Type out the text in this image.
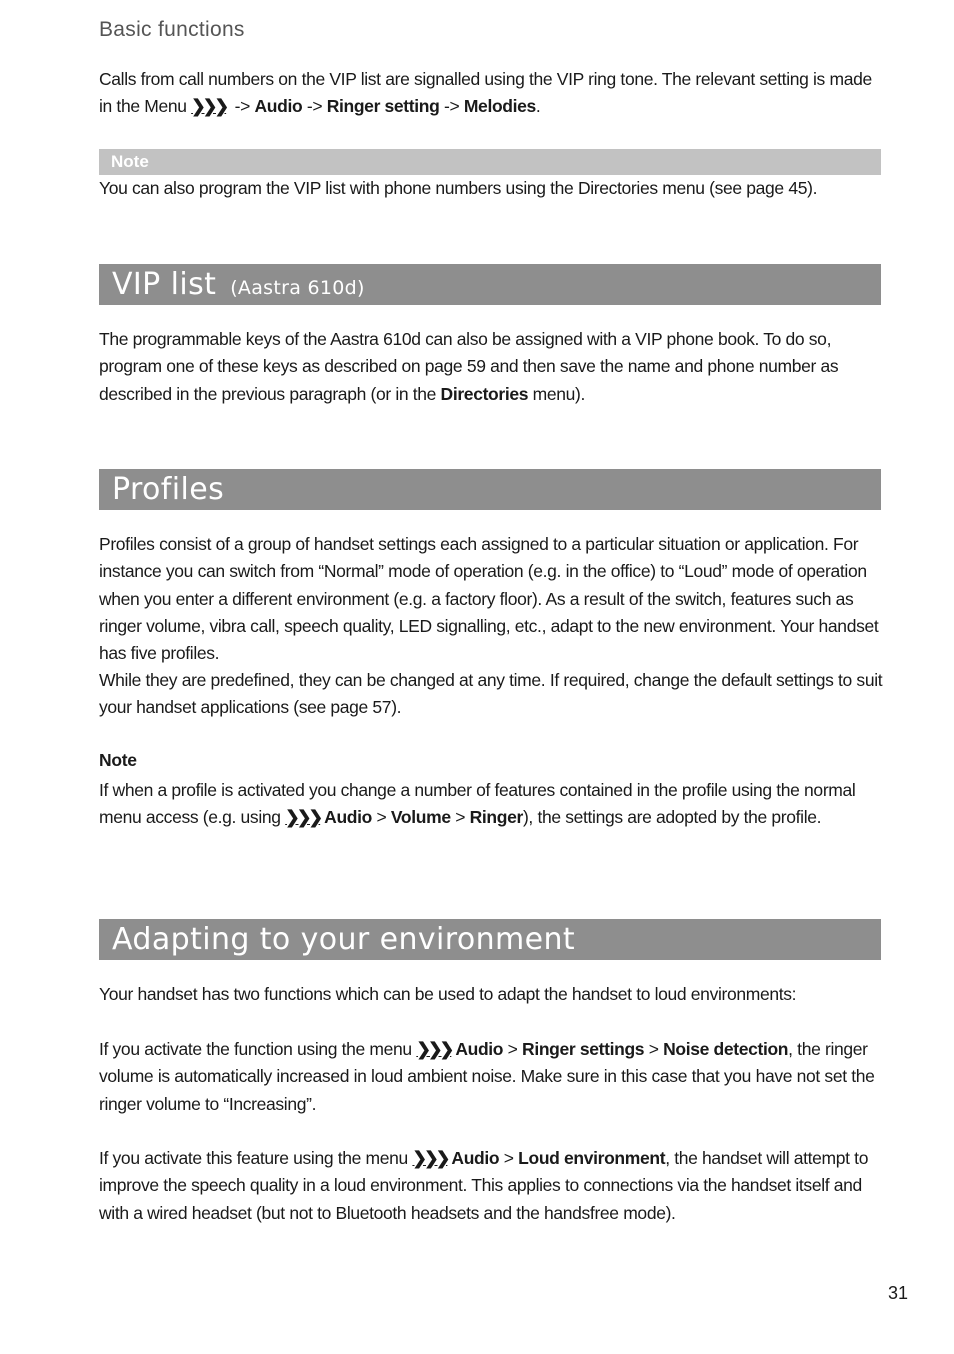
Basic functions

Calls from call numbers on the VIP list are signalled using the VIP ring tone. The relevant setting is made in the Menu ❯❯❯ -> Audio -> Ringer setting -> Melodies.

Note

You can also program the VIP list with phone numbers using the Directories menu (see page 45).

VIP list (Aastra 610d)

The programmable keys of the Aastra 610d can also be assigned with a VIP phone book. To do so, program one of these keys as described on page 59 and then save the name and phone number as described in the previous paragraph (or in the Directories menu).

Profiles

Profiles consist of a group of handset settings each assigned to a particular situation or application. For instance you can switch from “Normal” mode of operation (e.g. in the office) to “Loud” mode of operation when you enter a different environment (e.g. a factory floor). As a result of the switch, features such as ringer volume, vibra call, speech quality, LED signalling, etc., adapt to the new environment. Your handset has five profiles.

While they are predefined, they can be changed at any time. If required, change the default settings to suit your handset applications (see page 57).

Note

If when a profile is activated you change a number of features contained in the profile using the normal menu access (e.g. using ❯❯❯ Audio > Volume > Ringer), the settings are adopted by the profile.

Adapting to your environment

Your handset has two functions which can be used to adapt the handset to loud environments:

If you activate the function using the menu ❯❯❯ Audio > Ringer settings > Noise detection, the ringer volume is automatically increased in loud ambient noise. Make sure in this case that you have not set the ringer volume to “Increasing”.

If you activate this feature using the menu ❯❯❯ Audio > Loud environment, the handset will attempt to improve the speech quality in a loud environment. This applies to connections via the handset itself and with a wired headset (but not to Bluetooth headsets and the handsfree mode).

31
